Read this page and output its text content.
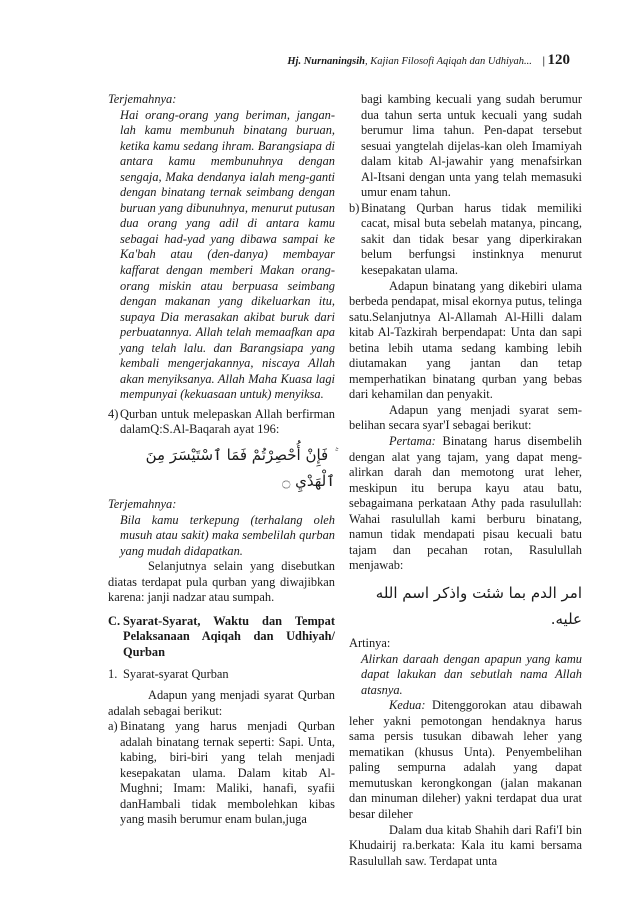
Hj. Nurnaningsih, Kajian Filosofi Aqiqah dan Udhiyah... | 120

Terjemahnya:

Hai orang-orang yang beriman, jangan-lah kamu membunuh binatang buruan, ketika kamu sedang ihram. Barangsiapa di antara kamu membunuhnya dengan sengaja, Maka dendanya ialah meng-ganti dengan binatang ternak seimbang dengan buruan yang dibunuhnya, menurut putusan dua orang yang adil di antara kamu sebagai had-yad yang dibawa sampai ke Ka'bah atau (den-danya) membayar kaffarat dengan memberi Makan orang-orang miskin atau berpuasa seimbang dengan makanan yang dikeluarkan itu, supaya Dia merasakan akibat buruk dari perbuatannya. Allah telah memaafkan apa yang telah lalu. dan Barangsiapa yang kembali mengerjakannya, niscaya Allah akan menyiksanya. Allah Maha Kuasa lagi mempunyai (kekuasaan untuk) menyiksa.

4) Qurban untuk melepaskan Allah berfirman dalamQ:S.Al-Baqarah ayat 196:
فَإِنْ أُحْصِرْتُمْ فَمَا ٱسْتَيْسَرَ مِنَ ٱلْهَدْيِ ۝

Terjemahnya:

Bila kamu terkepung (terhalang oleh musuh atau sakit) maka sembelilah qurban yang mudah didapatkan.

Selanjutnya selain yang disebutkan diatas terdapat pula qurban yang diwajibkan karena: janji nadzar atau sumpah.

C. Syarat-Syarat, Waktu dan Tempat Pelaksanaan Aqiqah dan Udhiyah/ Qurban
1. Syarat-syarat Qurban

Adapun yang menjadi syarat Qurban adalah sebagai berikut:

a) Binatang yang harus menjadi Qurban adalah binatang ternak seperti: Sapi. Unta, kabing, biri-biri yang telah menjadi kesepakatan ulama. Dalam kitab Al-Mughni; Imam: Maliki, hanafi, syafii danHambali tidak membolehkan kibas yang masih berumur enam bulan,juga

bagi kambing kecuali yang sudah berumur dua tahun serta untuk kecuali yang sudah berumur lima tahun. Pen-dapat tersebut sesuai yangtelah dijelas-kan oleh Imamiyah dalam kitab Al-jawahir yang menafsirkan Al-Itsani dengan unta yang telah memasuki umur enam tahun.

b) Binatang Qurban harus tidak memiliki cacat, misal buta sebelah matanya, pincang, sakit dan tidak besar yang diperkirakan belum berfungsi instinknya menurut kesepakatan ulama.

Adapun binatang yang dikebiri ulama berbeda pendapat, misal ekornya putus, telinga satu.Selanjutnya Al-Allamah Al-Hilli dalam kitab Al-Tazkirah berpendapat: Unta dan sapi betina lebih utama sedang kambing lebih diutamakan yang jantan dan tetap memperhatikan binatang qurban yang bebas dari kehamilan dan penyakit.

Adapun yang menjadi syarat sem-belihan secara syar'I sebagai berikut:

Pertama: Binatang harus disembelih dengan alat yang tajam, yang dapat meng-alirkan darah dan memotong urat leher, meskipun itu berupa kayu atau batu, sebagaimana perkataan Athy pada rasulullah: Wahai rasulullah kami berburu binatang, namun tidak mendapati pisau kecuali batu tajam dan pecahan rotan, Rasulullah menjawab:

امر الدم بما شئت واذكر اسم الله عليه.

Artinya:

Alirkan daraah dengan apapun yang kamu dapat lakukan dan sebutlah nama Allah atasnya.

Kedua: Ditenggorokan atau dibawah leher yakni pemotongan hendaknya harus sama persis tusukan dibawah leher yang mematikan (khusus Unta). Penyembelihan paling sempurna adalah yang dapat memutuskan kerongkongan (jalan makanan dan minuman dileher) yakni terdapat dua urat besar dileher

Dalam dua kitab Shahih dari Rafi'I bin Khudairij ra.berkata: Kala itu kami bersama Rasulullah saw. Terdapat unta
